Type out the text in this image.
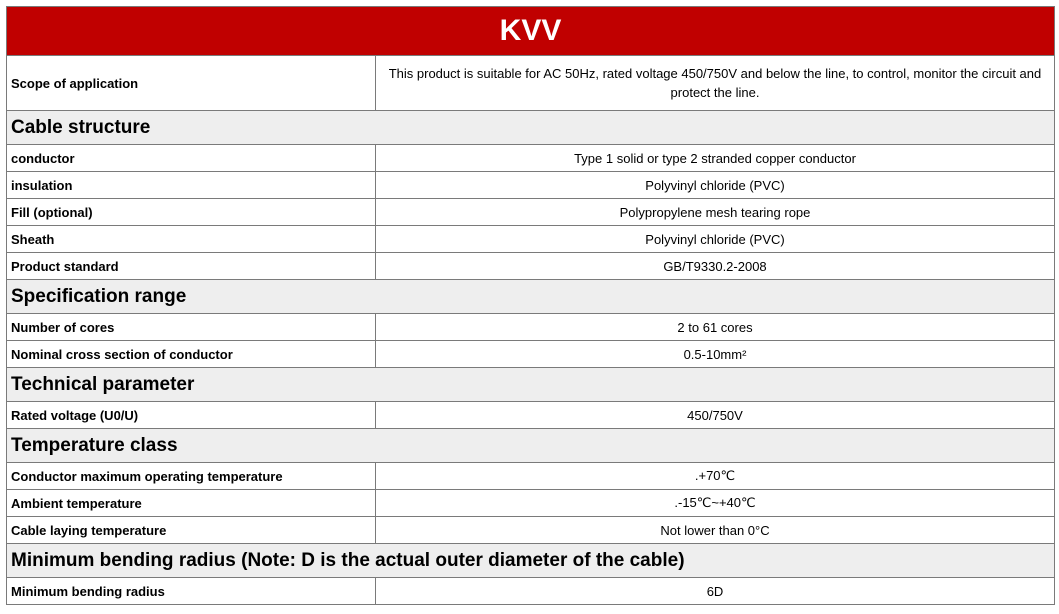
KVV	
Scope of application	This product is suitable for AC 50Hz, rated voltage 450/750V and below the line, to control, monitor the circuit and protect the line.
Cable structure	
conductor	Type 1 solid or type 2 stranded copper conductor
insulation	Polyvinyl chloride (PVC)
Fill (optional)	Polypropylene mesh tearing rope
Sheath	Polyvinyl chloride (PVC)
Product standard	GB/T9330.2-2008
Specification range	
Number of cores	2 to 61 cores
Nominal cross section of conductor	0.5-10mm²
Technical parameter	
Rated voltage (U0/U)	450/750V
Temperature class	
Conductor maximum operating temperature	.+70℃
Ambient temperature	.-15℃~+40℃
Cable laying temperature	Not lower than 0°C
Minimum bending radius (Note: D is the actual outer diameter of the cable)	
Minimum bending radius	6D
